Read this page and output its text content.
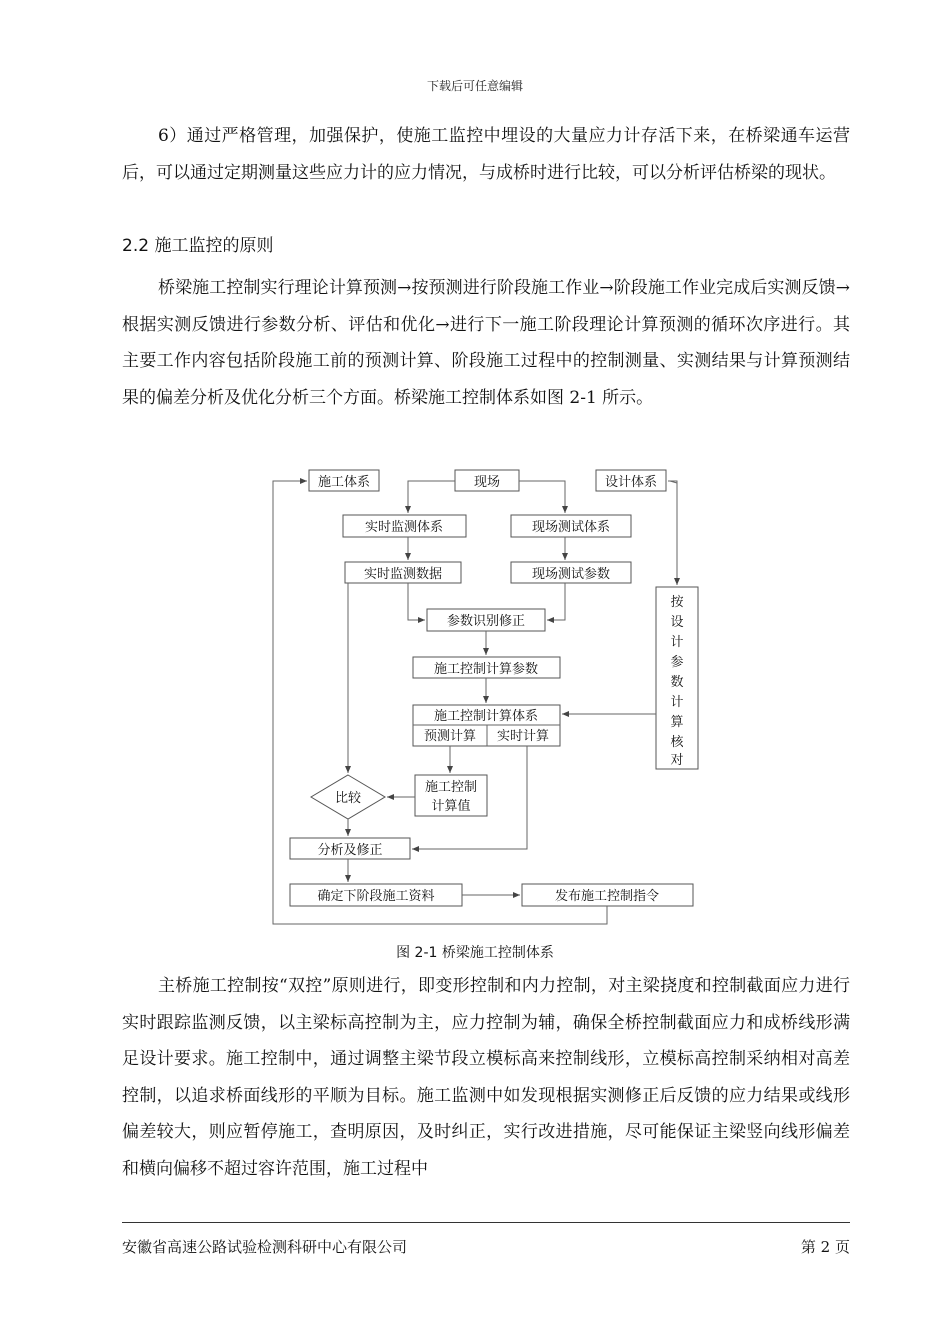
下载后可任意编辑

6）通过严格管理，加强保护，使施工监控中埋设的大量应力计存活下来，在桥梁通车运营后，可以通过定期测量这些应力计的应力情况，与成桥时进行比较，可以分析评估桥梁的现状。

2.2 施工监控的原则

桥梁施工控制实行理论计算预测→按预测进行阶段施工作业→阶段施工作业完成后实测反馈→根据实测反馈进行参数分析、评估和优化→进行下一施工阶段理论计算预测的循环次序进行。其主要工作内容包括阶段施工前的预测计算、阶段施工过程中的控制测量、实测结果与计算预测结果的偏差分析及优化分析三个方面。桥梁施工控制体系如图 2-1 所示。

施工体系	现场	设计体系
实时监测体系	现场测试体系
实时监测数据	现场测试参数
参数识别修正
施工控制计算参数
施工控制计算体系
预测计算 实时计算
按
设
计
参
数
计
算
核
对
施工控制
计算值
比较
分析及修正
确定下阶段施工资料	发布施工控制指令
图 2-1 桥梁施工控制体系

主桥施工控制按“双控”原则进行，即变形控制和内力控制，对主梁挠度和控制截面应力进行实时跟踪监测反馈，以主梁标高控制为主，应力控制为辅，确保全桥控制截面应力和成桥线形满足设计要求。施工控制中，通过调整主梁节段立模标高来控制线形，立模标高控制采纳相对高差控制，以追求桥面线形的平顺为目标。施工监测中如发现根据实测修正后反馈的应力结果或线形偏差较大，则应暂停施工，查明原因，及时纠正，实行改进措施，尽可能保证主梁竖向线形偏差和横向偏移不超过容许范围，施工过程中

安徽省高速公路试验检测科研中心有限公司	第 2 页
